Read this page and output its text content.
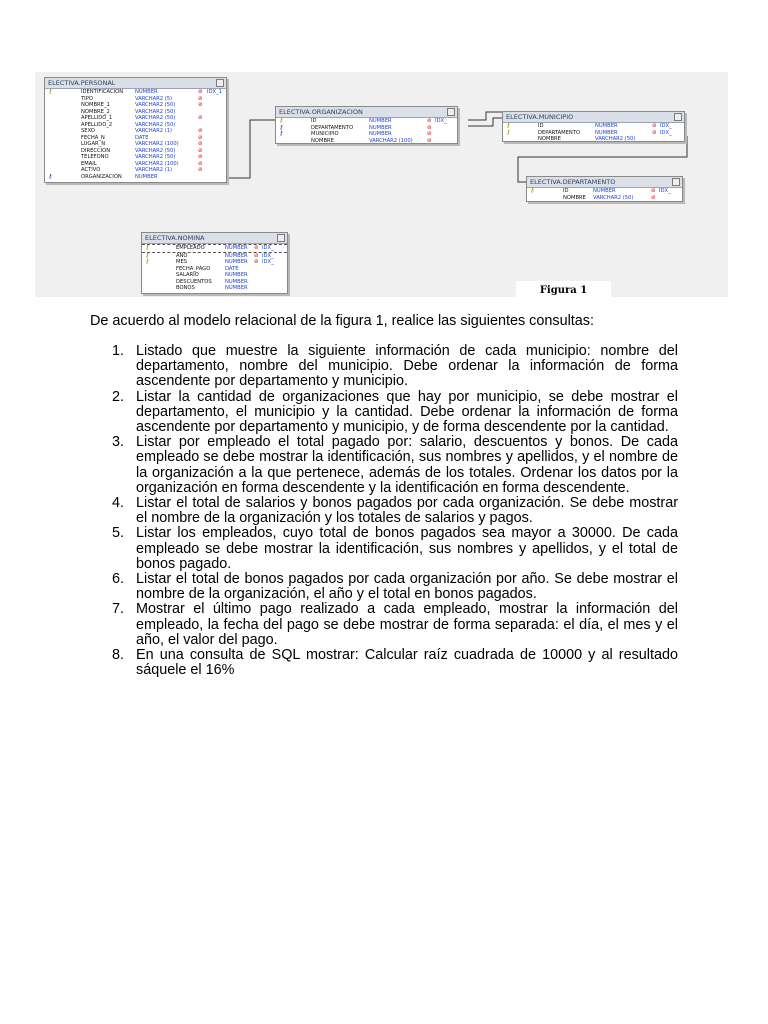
ELECTIVA.PERSONAL
⚷	IDENTIFICACION NUMBER	⊘ IDX_1
TIPO	VARCHAR2 (5)	⊘
NOMBRE_1	VARCHAR2 (50)	⊘
NOMBRE_2	VARCHAR2 (50)
APELLIDO_1	VARCHAR2 (50)	⊘
APELLIDO_2	VARCHAR2 (50)
SEXO	VARCHAR2 (1)	⊘
FECHA_N	DATE	⊘
LUGAR_N	VARCHAR2 (100)	⊘
DIRECCION	VARCHAR2 (50)	⊘
TELEFONO	VARCHAR2 (50)	⊘
EMAIL	VARCHAR2 (100)	⊘
ACTIVO	VARCHAR2 (1)	⊘
⚷	ORGANIZACION	NUMBER
ELECTIVA.ORGANIZACION
⚷	ID	NUMBER	⊘ IDX_
⚷	DEPARTAMENTO	NUMBER	⊘
⚷	MUNICIPIO	NUMBER	⊘
NOMBRE	VARCHAR2 (100)	⊘
ELECTIVA.MUNICIPIO
⚷	ID	NUMBER	⊘ IDX_
⚷	DEPARTAMENTO	NUMBER	⊘ IDX_
NOMBRE	VARCHAR2 (50)
ELECTIVA.DEPARTAMENTO
⚷	ID	NUMBER	⊘ IDX_
NOMBRE VARCHAR2 (50)	⊘
ELECTIVA.NOMINA
⚷	EMPLEADO	NUMBER ⊘ IDX_
⚷	AÑO	NUMBER ⊘ IDX_
⚷	MES	NUMBER ⊘ IDX_
FECHA_PAGO	DATE
SALARIO	NUMBER
DESCUENTOS	NUMBER
BONOS	NUMBER	Figura 1

De acuerdo al modelo relacional de la figura 1, realice las siguientes consultas:

1. Listado que muestre la siguiente información de cada municipio: nombre del departamento, nombre del municipio. Debe ordenar la información de forma ascendente por departamento y municipio.
2. Listar la cantidad de organizaciones que hay por municipio, se debe mostrar el departamento, el municipio y la cantidad. Debe ordenar la información de forma ascendente por departamento y municipio, y de forma descendente por la cantidad.
3. Listar por empleado el total pagado por: salario, descuentos y bonos. De cada empleado se debe mostrar la identificación, sus nombres y apellidos, y el nombre de la organización a la que pertenece, además de los totales. Ordenar los datos por la organización en forma descendente y la identificación en forma descendente.
4. Listar el total de salarios y bonos pagados por cada organización. Se debe mostrar el nombre de la organización y los totales de salarios y pagos.
5. Listar los empleados, cuyo total de bonos pagados sea mayor a 30000. De cada empleado se debe mostrar la identificación, sus nombres y apellidos, y el total de bonos pagado.
6. Listar el total de bonos pagados por cada organización por año. Se debe mostrar el nombre de la organización, el año y el total en bonos pagados.
7. Mostrar el último pago realizado a cada empleado, mostrar la información del empleado, la fecha del pago se debe mostrar de forma separada: el día, el mes y el año, el valor del pago.
8. En una consulta de SQL mostrar: Calcular raíz cuadrada de 10000 y al resultado sáquele el 16%
